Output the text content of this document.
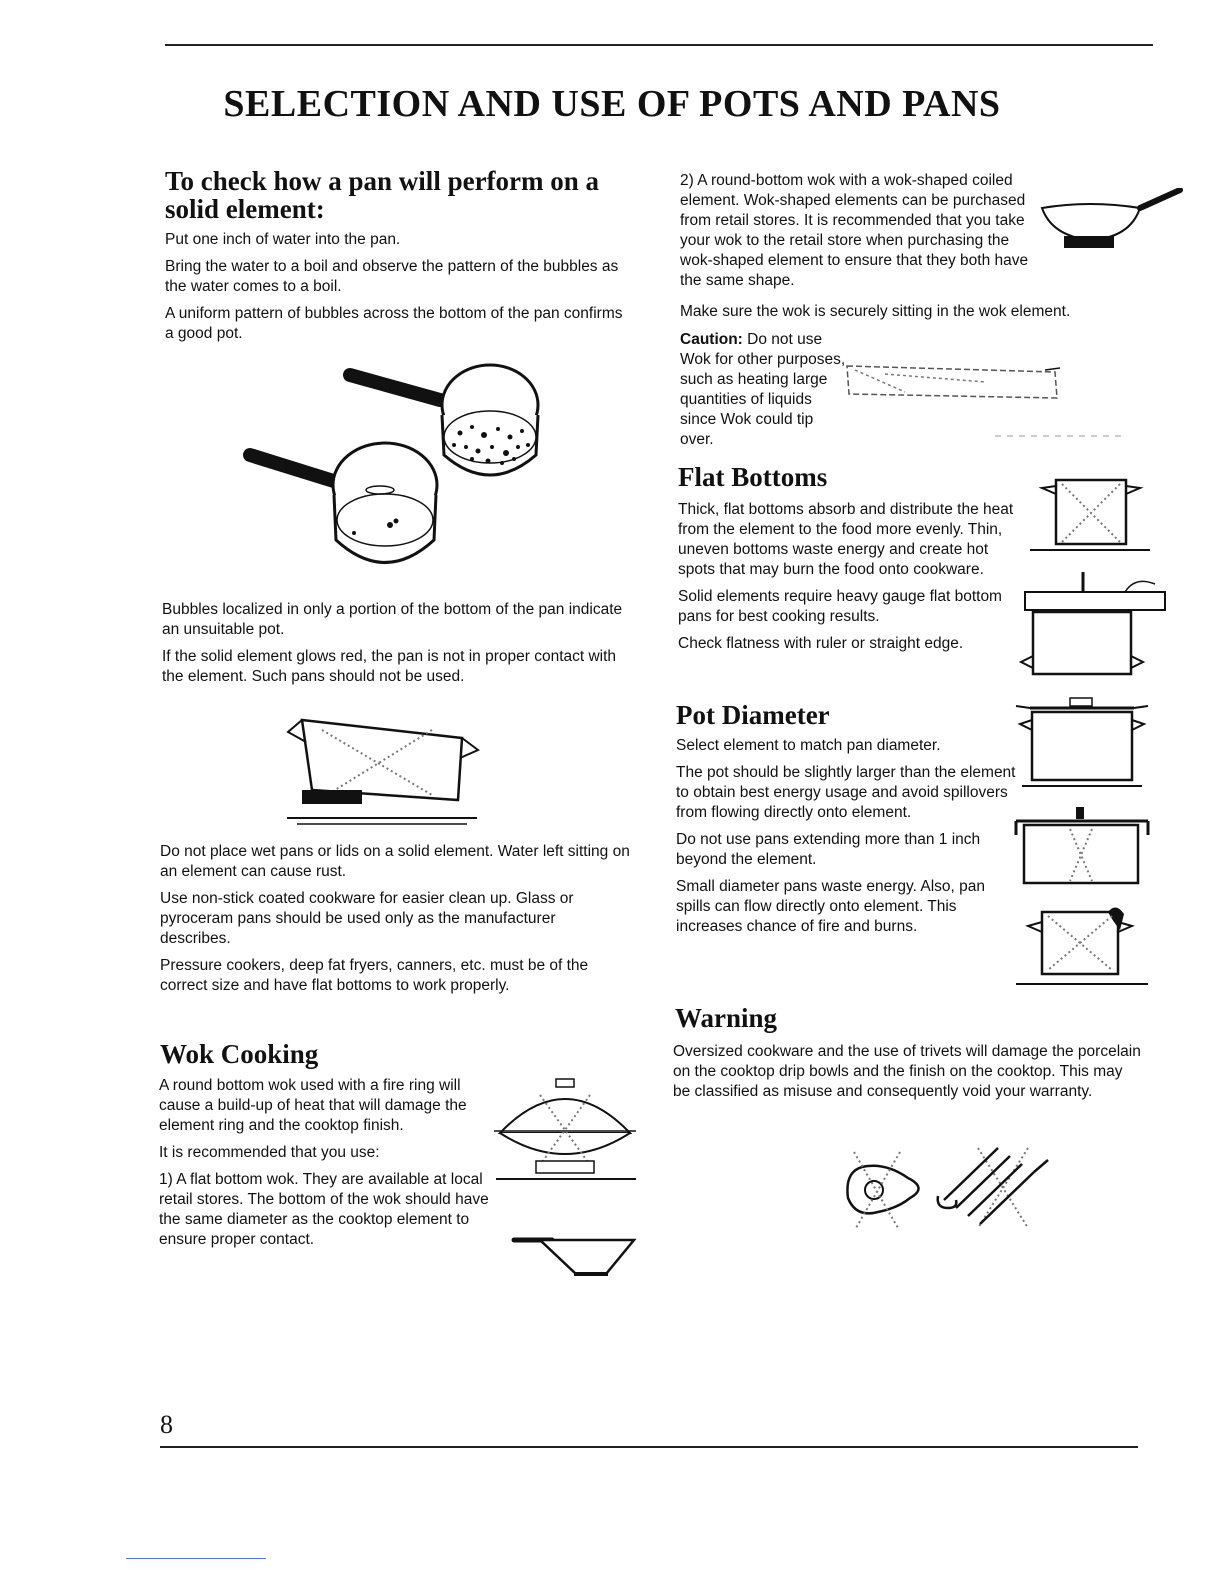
SELECTION AND USE OF POTS AND PANS
To check how a pan will perform on a
solid element:

Put one inch of water into the pan.

Bring the water to a boil and observe the pattern of the bubbles as the water comes to a boil.

A uniform pattern of bubbles across the bottom of the pan confirms a good pot.

Bubbles localized in only a portion of the bottom of the pan indicate an unsuitable pot.

If the solid element glows red, the pan is not in proper contact with the element. Such pans should not be used.

Do not place wet pans or lids on a solid element. Water left sitting on an element can cause rust.

Use non-stick coated cookware for easier clean up. Glass or pyroceram pans should be used only as the manufacturer describes.

Pressure cookers, deep fat fryers, canners, etc. must be of the correct size and have flat bottoms to work properly.

Wok Cooking

A round bottom wok used with a fire ring will cause a build-up of heat that will damage the element ring and the cooktop finish.

It is recommended that you use:

1) A flat bottom wok. They are available at local retail stores. The bottom of the wok should have the same diameter as the cooktop element to ensure proper contact.

2) A round-bottom wok with a wok-shaped coiled element. Wok-shaped elements can be purchased from retail stores. It is recommended that you take your wok to the retail store when purchasing the wok-shaped element to ensure that they both have the same shape.

Make sure the wok is securely sitting in the wok element.

Caution: Do not use Wok for other purposes, such as heating large quantities of liquids since Wok could tip over.
Flat Bottoms

Thick, flat bottoms absorb and distribute the heat from the element to the food more evenly. Thin, uneven bottoms waste energy and create hot spots that may burn the food onto cookware.

Solid elements require heavy gauge flat bottom pans for best cooking results.

Check flatness with ruler or straight edge.

Pot Diameter

Select element to match pan diameter.

The pot should be slightly larger than the element to obtain best energy usage and avoid spillovers from flowing directly onto element.

Do not use pans extending more than 1 inch beyond the element.

Small diameter pans waste energy. Also, pan spills can flow directly onto element. This increases chance of fire and burns.

Warning

Oversized cookware and the use of trivets will damage the porcelain on the cooktop drip bowls and the finish on the cooktop. This may be classified as misuse and consequently void your warranty.

8
